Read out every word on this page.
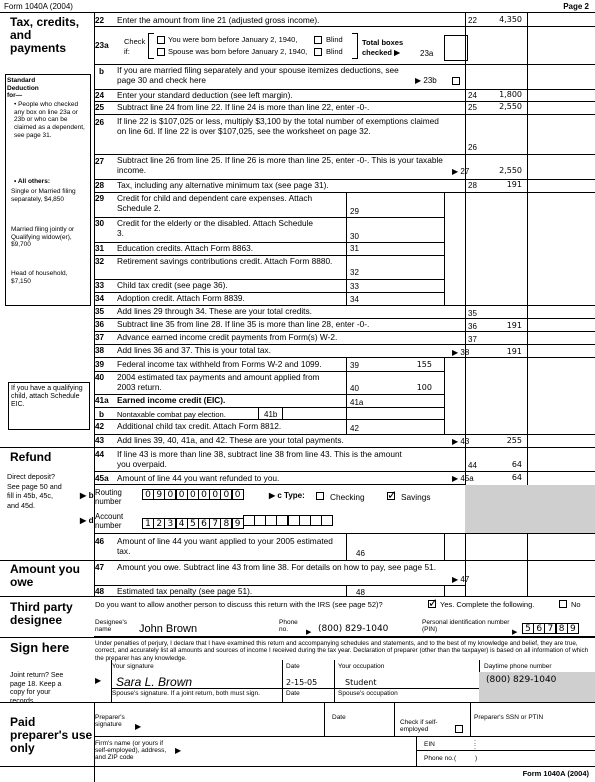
Form 1040A (2004)	Page 2
Tax, credits, and payments
Standard
Deduction
for—
• People who checked any box on line 23a or 23b or who can be claimed as a dependent, see page 31.
• All others:
Single or Married filing separately, $4,850
Married filing jointly or Qualifying widow(er), $9,700
Head of household, $7,150
If you have a qualifying child, attach Schedule EIC.
22	Enter the amount from line 21 (adjusted gross income).	22	4,350
23a	Check if:
You were born before January 2, 1940,	Blind
Spouse was born before January 2, 1940, Blind
Total boxes checked ▶	23a
b	If you are married filing separately and your spouse itemizes deductions, see page 30 and check here	▶ 23b
24	Enter your standard deduction (see left margin).	24	1,800
25	Subtract line 24 from line 22. If line 24 is more than line 22, enter -0-.	25	2,550
26	If line 22 is $107,025 or less, multiply $3,100 by the total number of exemptions claimed on line 6d. If line 22 is over $107,025, see the worksheet on page 32.
26
27	Subtract line 26 from line 25. If line 26 is more than line 25, enter -0-. This is your taxable income.	▶ 27	2,550
28	Tax, including any alternative minimum tax (see page 31).	28	191
29	Credit for child and dependent care expenses. Attach Schedule 2.	29
30	Credit for the elderly or the disabled. Attach Schedule 3.	30
31	Education credits. Attach Form 8863.	31
32	Retirement savings contributions credit. Attach Form 8880.
32
33	Child tax credit (see page 36).	33
34	Adoption credit. Attach Form 8839.	34
35	Add lines 29 through 34. These are your total credits.	35
36	Subtract line 35 from line 28. If line 35 is more than line 28, enter -0-.	36	191
37	Advance earned income credit payments from Form(s) W-2.	37
38	Add lines 36 and 37. This is your total tax.	▶ 38	191
39	Federal income tax withheld from Forms W-2 and 1099.	39	155
40	2004 estimated tax payments and amount applied from 2003 return.	40	100
41a	Earned income credit (EIC).	41a
b	Nontaxable combat pay election.	41b
42	Additional child tax credit. Attach Form 8812.	42
43	Add lines 39, 40, 41a, and 42. These are your total payments.	▶ 43	255
Refund
Direct deposit? See page 50 and fill in 45b, 45c, and 45d.
44	If line 43 is more than line 38, subtract line 38 from line 43. This is the amount you overpaid.	44	64
45a	Amount of line 44 you want refunded to you.	▶ 45a	64
▶ b Routing number
0 9 0 0 0 0 0 0 0	▶ c Type:	Checking ✓ Savings
▶ d Account number	1 2 3 4 5 6 7 8 9
46	Amount of line 44 you want applied to your 2005 estimated tax.	46
Amount you owe
47	Amount you owe. Subtract line 43 from line 38. For details on how to pay, see page 51.
▶ 47
48	Estimated tax penalty (see page 51).	48
Third party designee
Do you want to allow another person to discuss this return with the IRS (see page 52)?	✓ Yes. Complete the following.	No
Designee's name	John Brown
Phone no.	▶ (800) 829-1040
Personal identification number (PIN)	▶ 5 6 7 8 9
Sign here
Joint return? See page 18. Keep a copy for your records.
Under penalties of perjury, I declare that I have examined this return and accompanying schedules and statements, and to the best of my knowledge and belief, they are true, correct, and accurately list all amounts and sources of income I received during the tax year. Declaration of preparer (other than the taxpayer) is based on all information of which the preparer has any knowledge.
Your signature	Date	Your occupation	Daytime phone number
▶ Sara L. Brown	2-15-05	Student	(800) 829-1040
Spouse's signature. If a joint return, both must sign.	Date	Spouse's occupation
Paid preparer's use only
Preparer's signature	▶
Date
Check if self-employed
Preparer's SSN or PTIN
Firm's name (or yours if self-employed), address, and ZIP code
▶
EIN	:
:
Phone no. (	)
Form 1040A (2004)
